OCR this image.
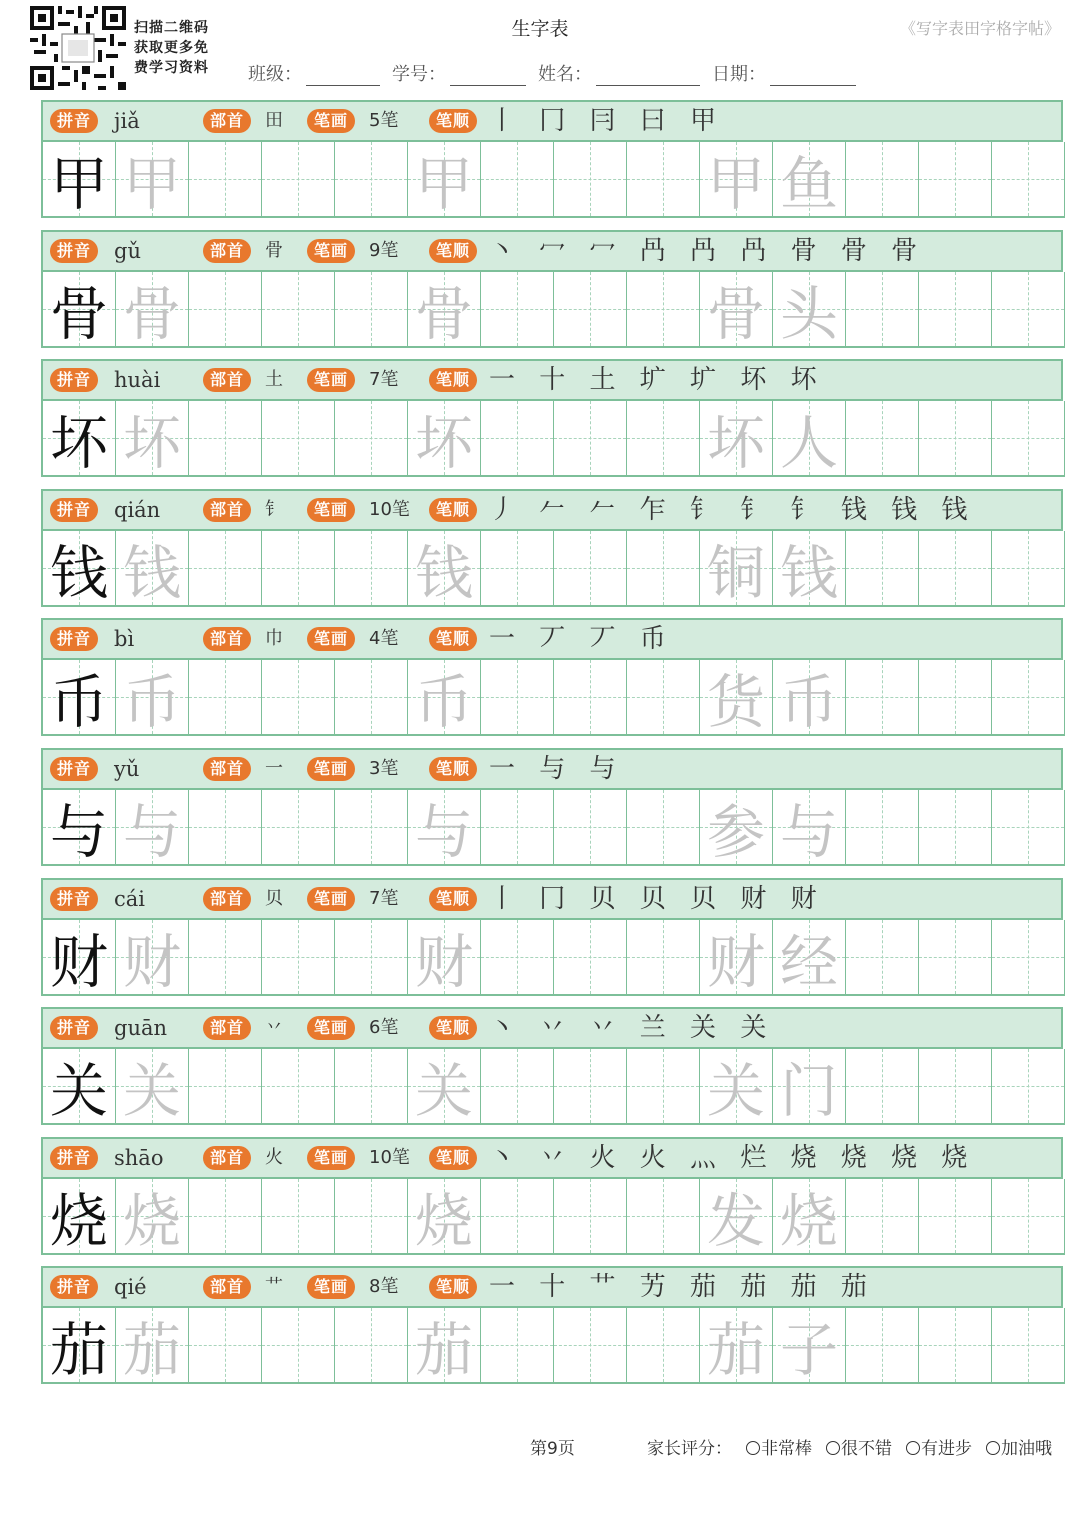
扫描二维码
获取更多免
费学习资料
生字表	《写字表田字格字帖》
班级：	学号：	姓名：	日期：
拼音	jiǎ	部首	田	笔画	5笔	笔顺 丨 冂 冃 曰 甲
甲 甲	甲	甲 鱼
拼音	gǔ	部首	骨	笔画	9笔	笔顺 丶 冖 冖 冎 冎 冎 骨 骨 骨
骨 骨	骨	骨 头
拼音	huài	部首	土	笔画	7笔	笔顺 一 十 土 圹 圹 坏 坏
坏 坏	坏	坏 人
拼音	qián	部首	钅	笔画	10笔	笔顺 丿 𠂉 𠂉 乍 钅 钅 钅 钱 钱 钱
钱 钱	钱	铜 钱
拼音	bì	部首	巾	笔画	4笔	笔顺 一 丆 丆 币
币 币	币	货 币
拼音	yǔ	部首	一	笔画	3笔	笔顺 一 与 与
与 与	与	参 与
拼音	cái	部首	贝	笔画	7笔	笔顺 丨 冂 贝 贝 贝 财 财
财 财	财	财 经
拼音	guān	部首	丷	笔画	6笔	笔顺 丶 丷 丷 兰 关 关
关 关	关	关 门
拼音	shāo	部首	火	笔画	10笔	笔顺 丶 丷 火 火 灬 烂 烧 烧 烧 烧
烧 烧	烧	发 烧
拼音	qié	部首	艹	笔画	8笔	笔顺 一 十 艹 艻 茄 茄 茄 茄
茄 茄	茄	茄 子
第9页	家长评分：	非常棒	很不错	有进步	加油哦
